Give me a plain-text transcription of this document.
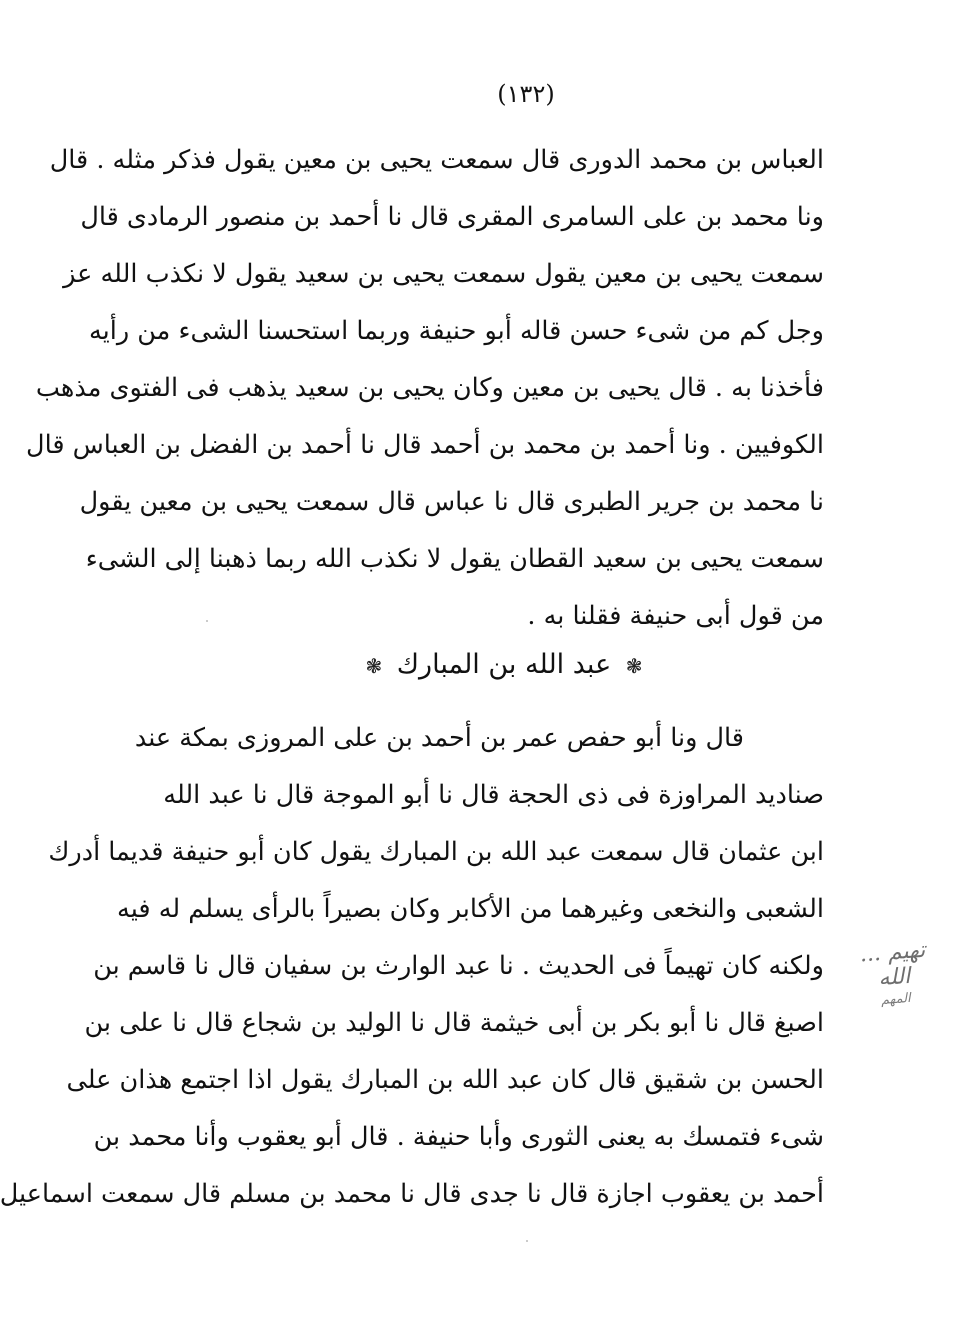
(١٣٢)
العباس بن محمد الدورى قال سمعت يحيى بن معين يقول فذكر مثله . قال
ونا محمد بن على السامرى المقرى قال نا أحمد بن منصور الرمادى قال
سمعت يحيى بن معين يقول سمعت يحيى بن سعيد يقول لا نكذب الله عز
وجل كم من شىء حسن قاله أبو حنيفة وربما استحسنا الشىء من رأيه
فأخذنا به . قال يحيى بن معين وكان يحيى بن سعيد يذهب فى الفتوى مذهب
الكوفيين . ونا أحمد بن محمد بن أحمد قال نا أحمد بن الفضل بن العباس قال
نا محمد بن جرير الطبرى قال نا عباس قال سمعت يحيى بن معين يقول
سمعت يحيى بن سعيد القطان يقول لا نكذب الله ربما ذهبنا إلى الشىء
من قول أبى حنيفة فقلنا به .
❃ عبد الله بن المبارك ❃
قال ونا أبو حفص عمر بن أحمد بن على المروزى بمكة عند
صناديد المراوزة فى ذى الحجة قال نا أبو الموجة قال نا عبد الله
ابن عثمان قال سمعت عبد الله بن المبارك يقول كان أبو حنيفة قديما أدرك
الشعبى والنخعى وغيرهما من الأكابر وكان بصيراً بالرأى يسلم له فيه
ولكنه كان تهيماً فى الحديث . نا عبد الوارث بن سفيان قال نا قاسم بن
اصبغ قال نا أبو بكر بن أبى خيثمة قال نا الوليد بن شجاع قال نا على بن
الحسن بن شقيق قال كان عبد الله بن المبارك يقول اذا اجتمع هذان على
شىء فتمسك به يعنى الثورى وأبا حنيفة . قال أبو يعقوب وأنا محمد بن
أحمد بن يعقوب اجازة قال نا جدى قال نا محمد بن مسلم قال سمعت اسماعيل
تهيم ... الله
المهم
